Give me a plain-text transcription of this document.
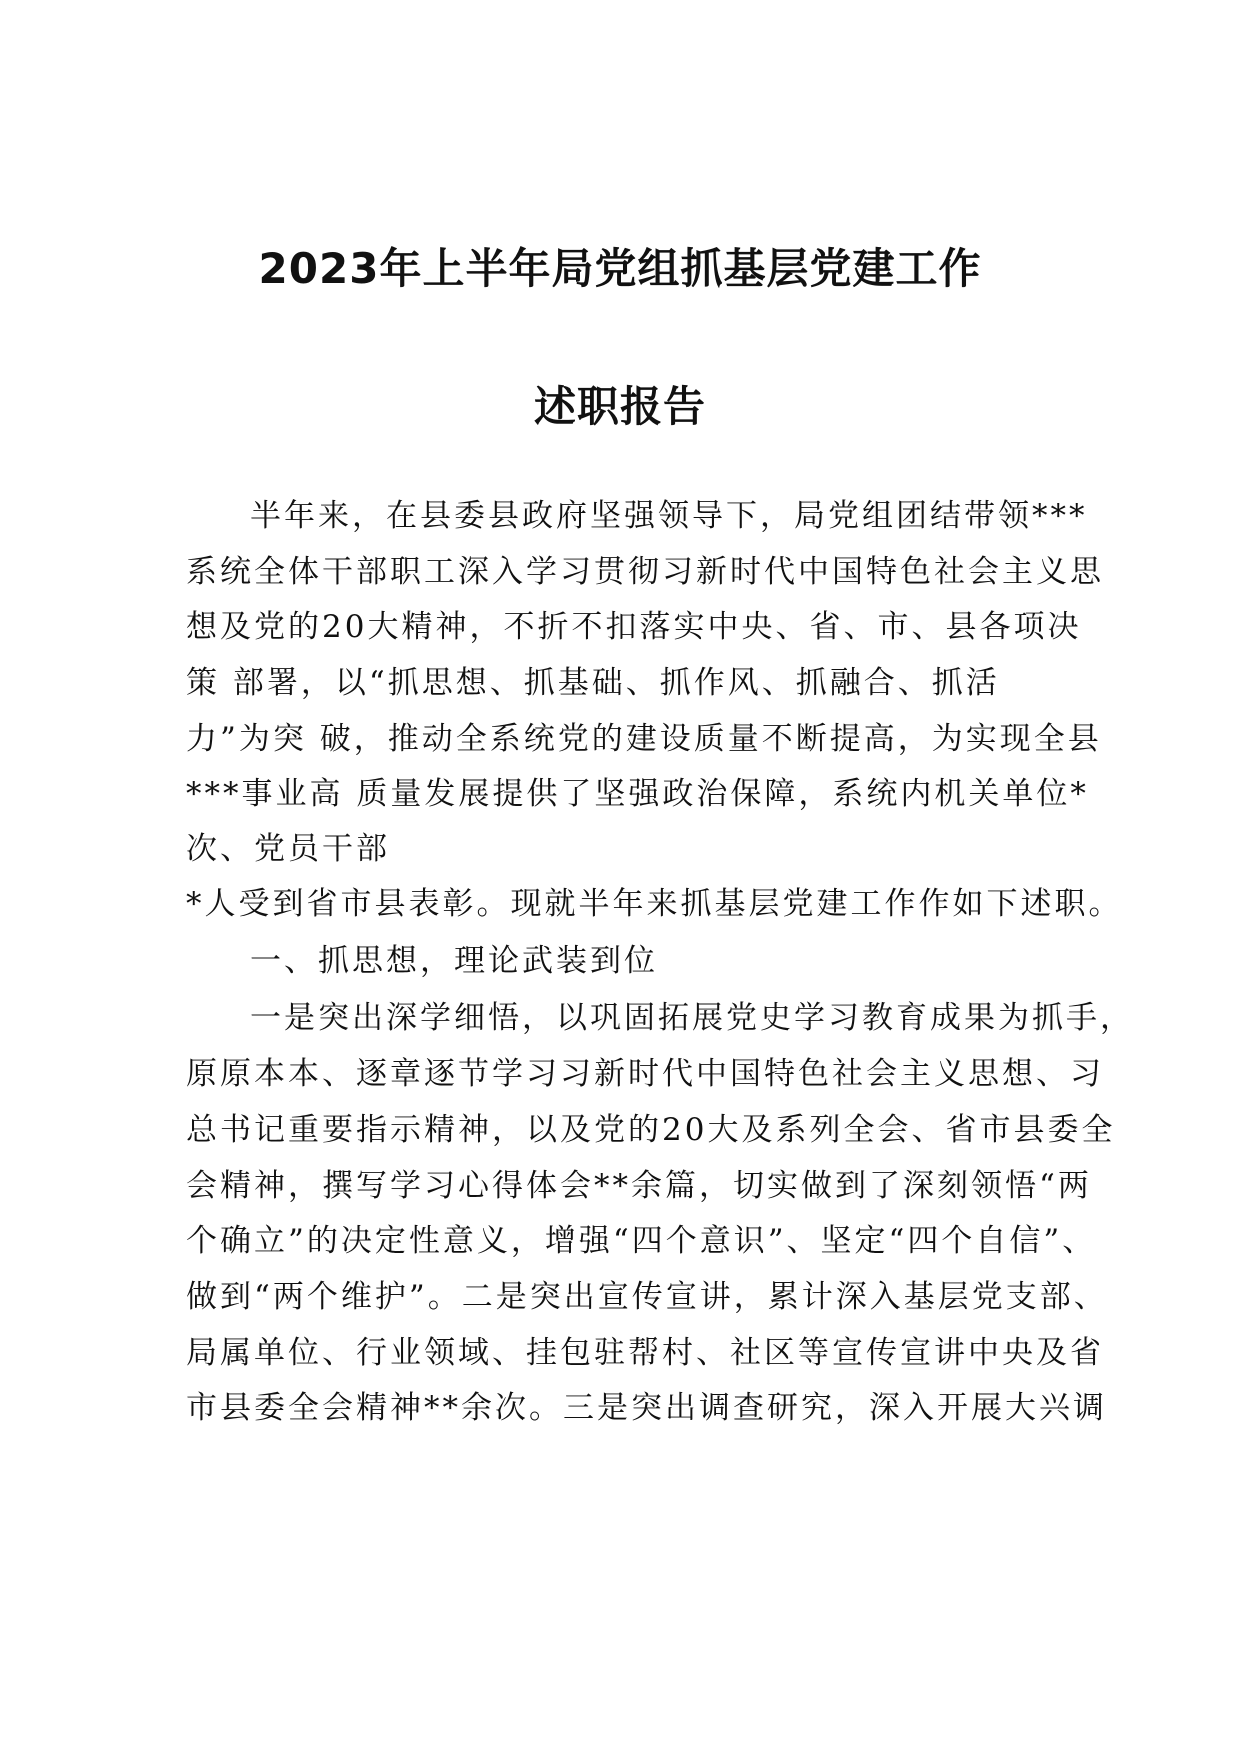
2023年上半年局党组抓基层党建工作
述职报告
半年来，在县委县政府坚强领导下，局党组团结带领***
系统全体干部职工深入学习贯彻习新时代中国特色社会主义思
想及党的20大精神，不折不扣落实中央、省、市、县各项决
策 部署，以“抓思想、抓基础、抓作风、抓融合、抓活
力”为突 破，推动全系统党的建设质量不断提高，为实现全县
***事业高 质量发展提供了坚强政治保障，系统内机关单位*
次、党员干部
*人受到省市县表彰。现就半年来抓基层党建工作作如下述职。
一、抓思想，理论武装到位
一是突出深学细悟，以巩固拓展党史学习教育成果为抓手，
原原本本、逐章逐节学习习新时代中国特色社会主义思想、习
总书记重要指示精神，以及党的20大及系列全会、省市县委全
会精神，撰写学习心得体会**余篇，切实做到了深刻领悟“两
个确立”的决定性意义，增强“四个意识”、坚定“四个自信”、
做到“两个维护”。二是突出宣传宣讲，累计深入基层党支部、
局属单位、行业领域、挂包驻帮村、社区等宣传宣讲中央及省
市县委全会精神**余次。三是突出调查研究，深入开展大兴调
